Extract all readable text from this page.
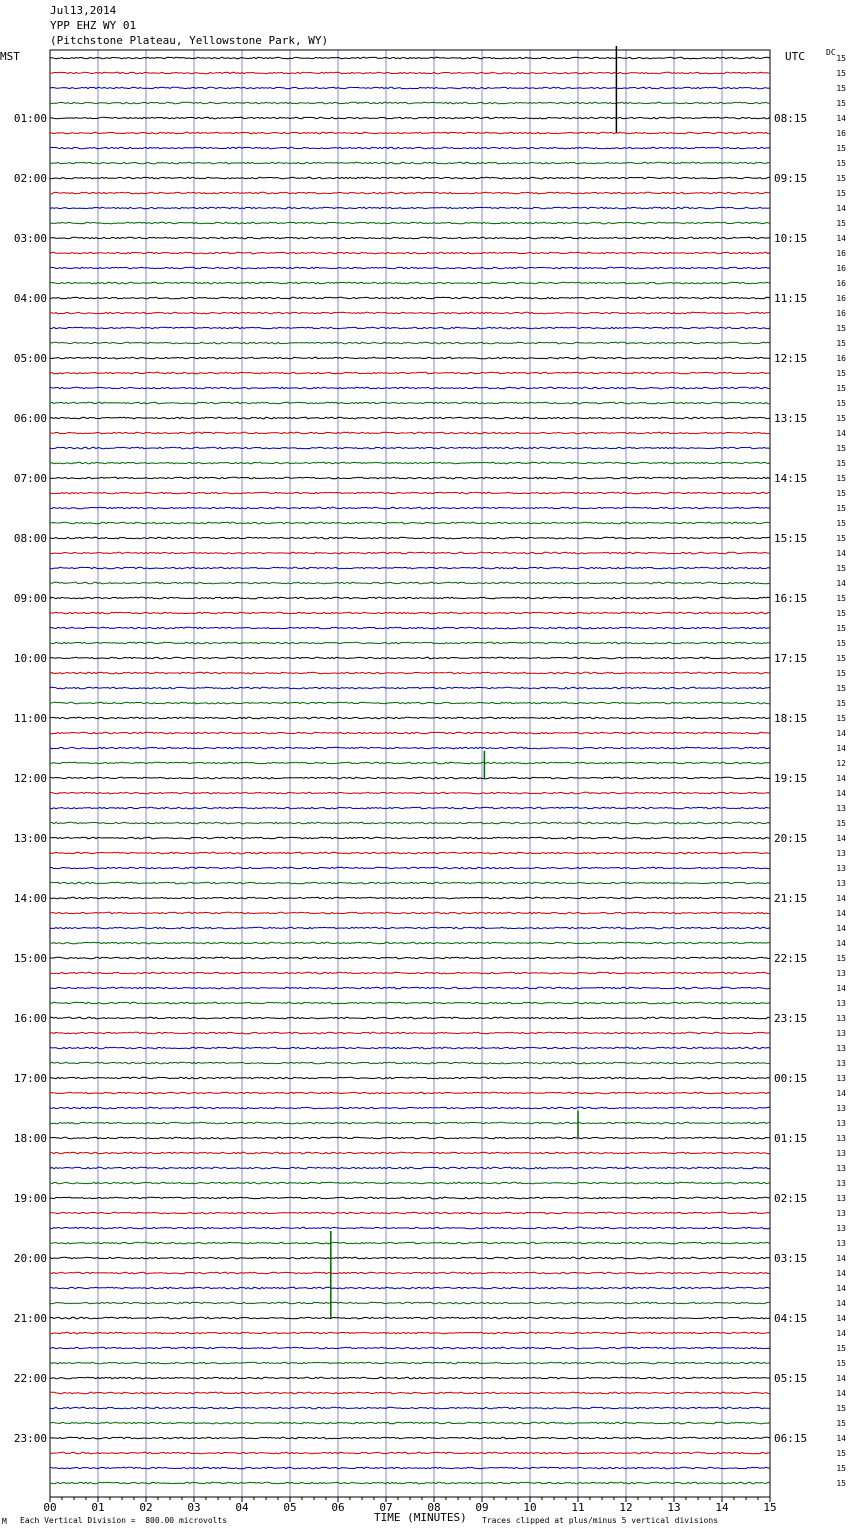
Jul13,2014
YPP EHZ WY 01
(Pitchstone Plateau, Yellowstone Park, WY)
MST	UTC	DC
01:00
02:00
03:00
04:00
05:00
06:00
07:00
08:00
09:00
10:00
11:00
12:00
13:00
14:00
15:00
16:00
17:00
18:00
19:00
20:00
21:00
22:00
23:00
08:15
09:15
10:15
11:15
12:15
13:15
14:15
15:15
16:15
17:15
18:15
19:15
20:15
21:15
22:15
23:15
00:15
01:15
02:15
03:15
04:15
05:15
06:15
15
15
15
15
14
16
15
15
15
15
14
15
14
16
16
16
16
16
15
15
16
15
15
15
15
14
15
15
15
15
15
15
15
14
15
14
15
15
15
15
15
15
15
15
15
14
14
12
14
14
13
15
14
13
13
13
14
14
14
14
15
13
14
13
13
13
13
13
13
14
13
13
13
13
13
13
13
13
13
13
14
14
14
14
14
14
15
15
14
14
15
15
14
15
15
15
00	01	02	03	04	05	06	07	08	09	10	11	12	13	14	15
TIME (MINUTES)
M Each Vertical Division =  800.00 microvolts	Traces clipped at plus/minus 5 vertical divisions
